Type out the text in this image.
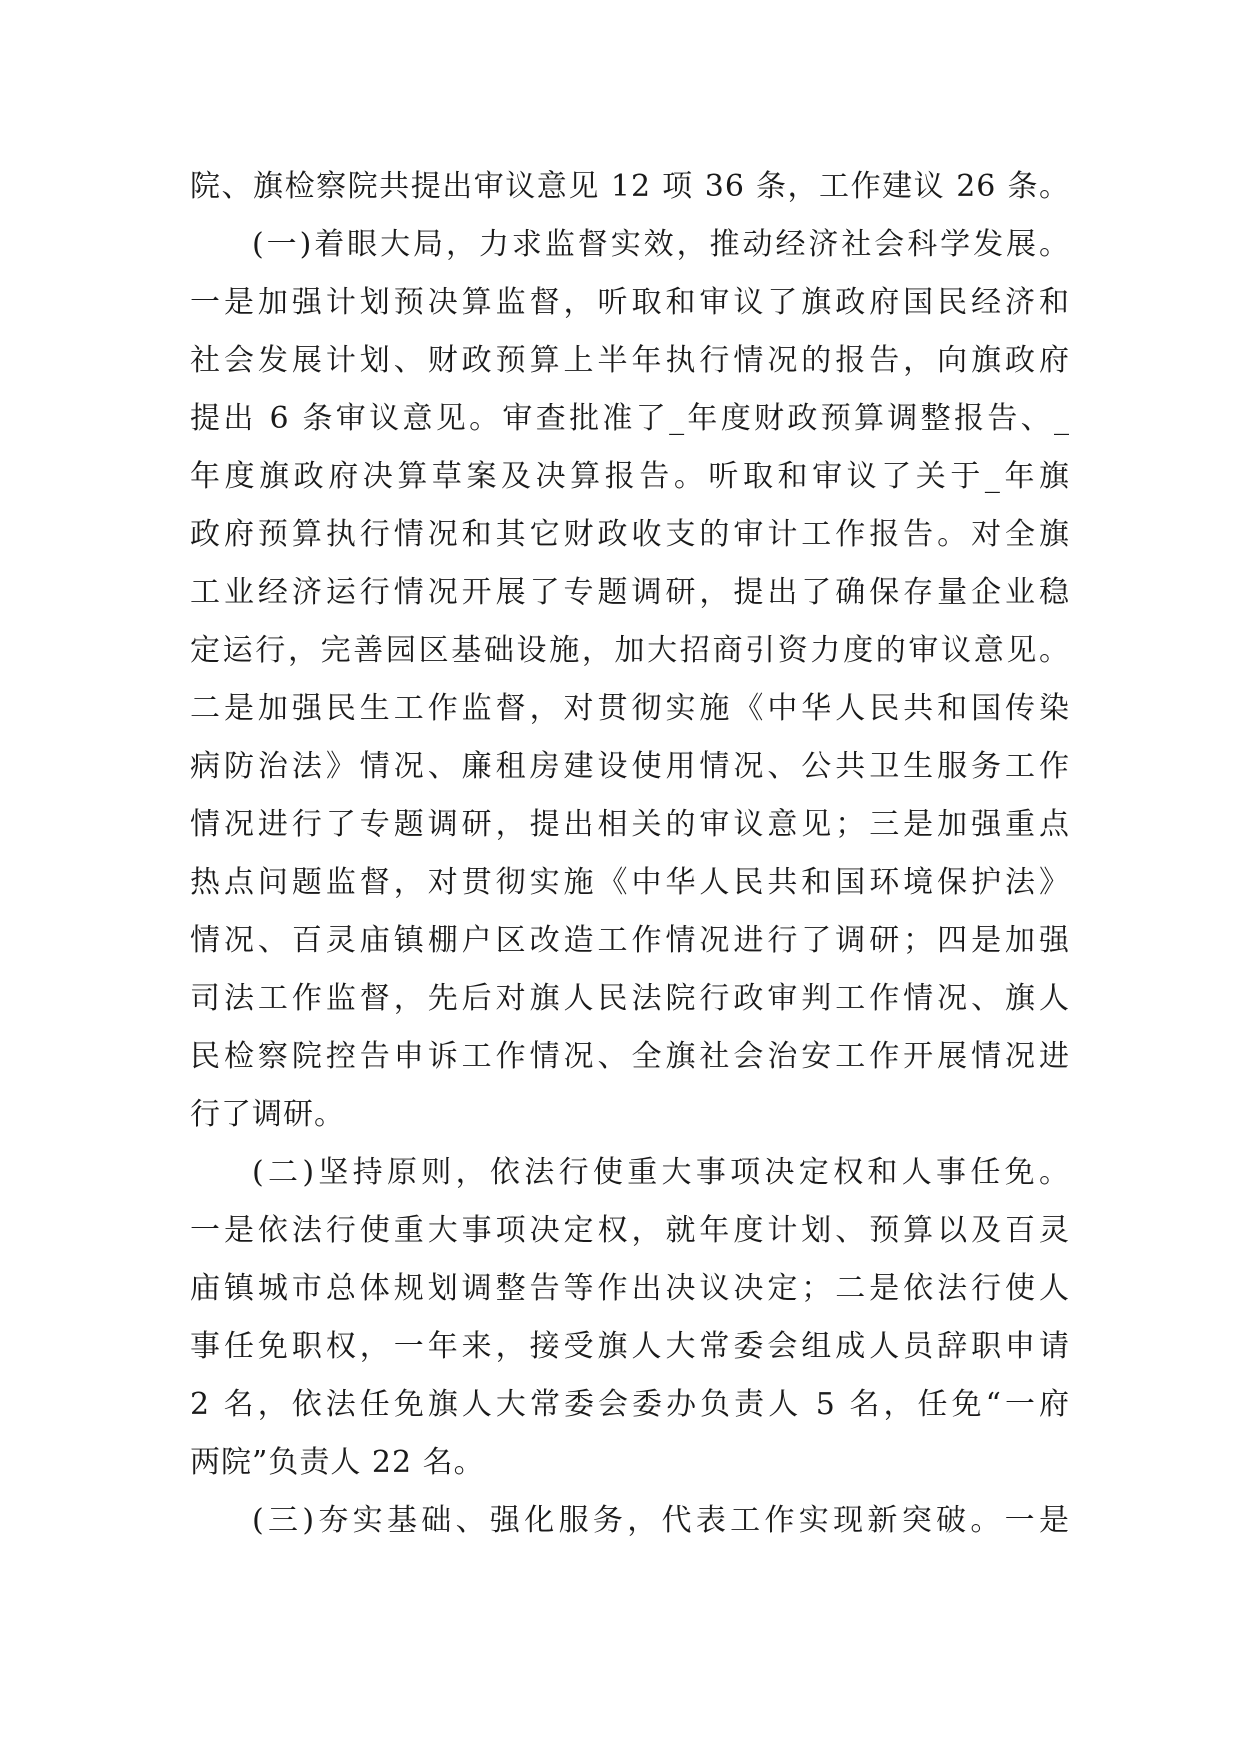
院、旗检察院共提出审议意见 12 项 36 条，工作建议 26 条。
(一)着眼大局，力求监督实效，推动经济社会科学发展。
一是加强计划预决算监督，听取和审议了旗政府国民经济和
社会发展计划、财政预算上半年执行情况的报告，向旗政府
提出 6 条审议意见。审查批准了_年度财政预算调整报告、_
年度旗政府决算草案及决算报告。听取和审议了关于_年旗
政府预算执行情况和其它财政收支的审计工作报告。对全旗
工业经济运行情况开展了专题调研，提出了确保存量企业稳
定运行，完善园区基础设施，加大招商引资力度的审议意见。
二是加强民生工作监督，对贯彻实施《中华人民共和国传染
病防治法》情况、廉租房建设使用情况、公共卫生服务工作
情况进行了专题调研，提出相关的审议意见；三是加强重点
热点问题监督，对贯彻实施《中华人民共和国环境保护法》
情况、百灵庙镇棚户区改造工作情况进行了调研；四是加强
司法工作监督，先后对旗人民法院行政审判工作情况、旗人
民检察院控告申诉工作情况、全旗社会治安工作开展情况进
行了调研。
(二)坚持原则，依法行使重大事项决定权和人事任免。
一是依法行使重大事项决定权，就年度计划、预算以及百灵
庙镇城市总体规划调整告等作出决议决定；二是依法行使人
事任免职权，一年来，接受旗人大常委会组成人员辞职申请
2 名，依法任免旗人大常委会委办负责人 5 名，任免“一府
两院”负责人 22 名。
(三)夯实基础、强化服务，代表工作实现新突破。一是
